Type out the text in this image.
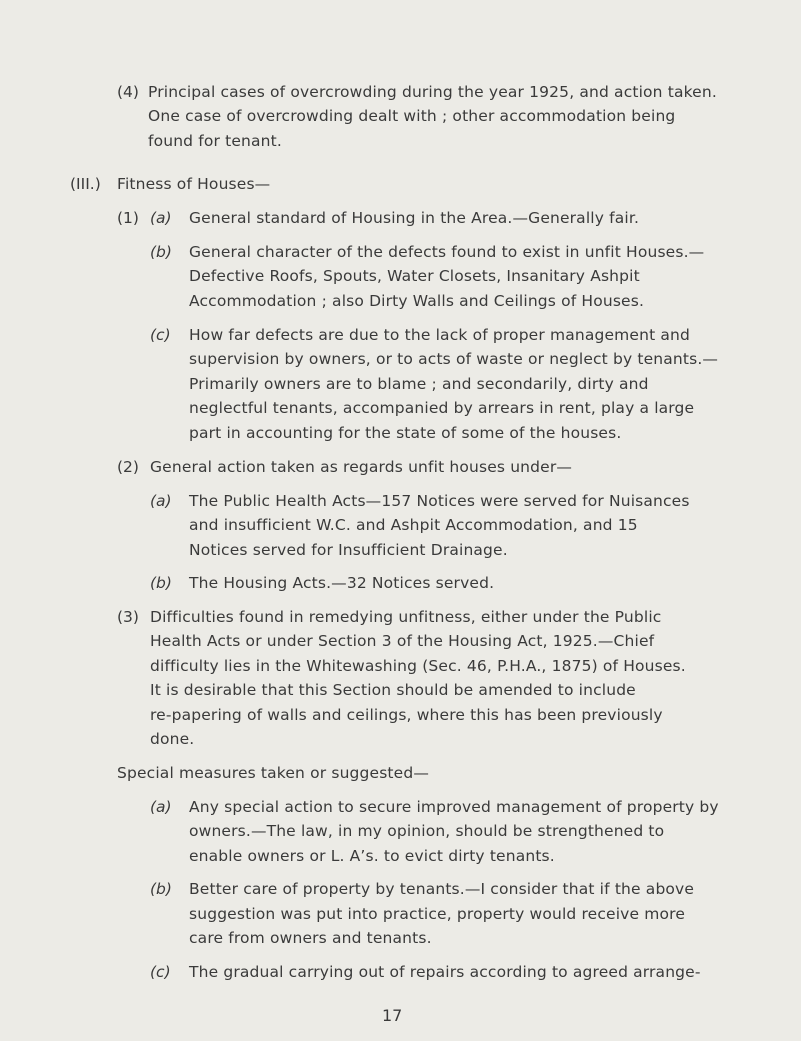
(4) Principal cases of overcrowding during the year 1925, and action taken.
One case of overcrowding dealt with ; other accommodation being
found for tenant.
(III.) Fitness of Houses—
(1) (a) General standard of Housing in the Area.—Generally fair.
(b) General character of the defects found to exist in unfit Houses.—
Defective Roofs, Spouts, Water Closets, Insanitary Ashpit
Accommodation ; also Dirty Walls and Ceilings of Houses.
(c) How far defects are due to the lack of proper management and
supervision by owners, or to acts of waste or neglect by tenants.—
Primarily owners are to blame ; and secondarily, dirty and
neglectful tenants, accompanied by arrears in rent, play a large
part in accounting for the state of some of the houses.
(2) General action taken as regards unfit houses under—
(a) The Public Health Acts—157 Notices were served for Nuisances
and insufficient W.C. and Ashpit Accommodation, and 15
Notices served for Insufficient Drainage.
(b) The Housing Acts.—32 Notices served.
(3) Difficulties found in remedying unfitness, either under the Public
Health Acts or under Section 3 of the Housing Act, 1925.—Chief
difficulty lies in the Whitewashing (Sec. 46, P.H.A., 1875) of Houses.
It is desirable that this Section should be amended to include
re-papering of walls and ceilings, where this has been previously
done.
Special measures taken or suggested—
(a) Any special action to secure improved management of property by
owners.—The law, in my opinion, should be strengthened to
enable owners or L. A’s. to evict dirty tenants.
(b) Better care of property by tenants.—I consider that if the above
suggestion was put into practice, property would receive more
care from owners and tenants.
(c) The gradual carrying out of repairs according to agreed arrange-
17
